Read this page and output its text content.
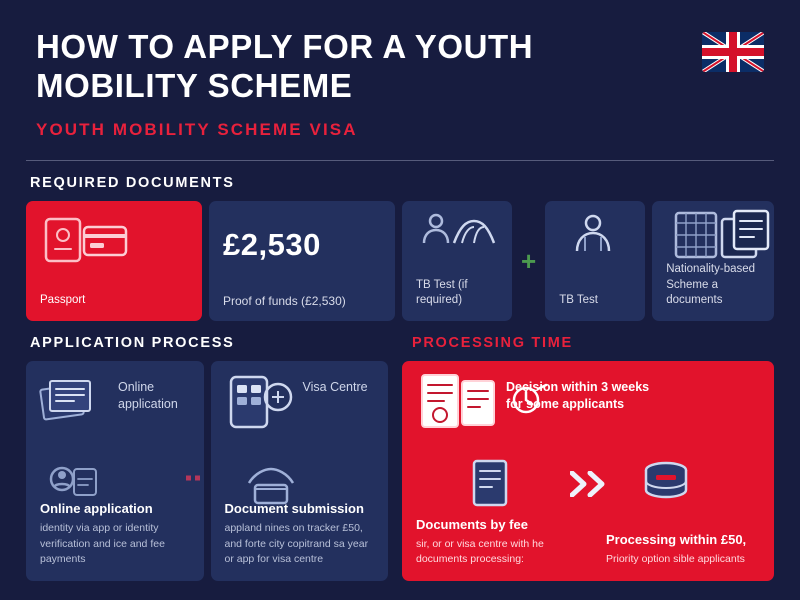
HOW TO APPLY FOR A YOUTH MOBILITY SCHEME
YOUTH MOBILITY SCHEME VISA
REQUIRED DOCUMENTS
Passport
£2,530
Proof of funds (£2,530)
TB Test (if required)
+
TB Test
Nationality-based Scheme a documents
APPLICATION PROCESS	PROCESSING TIME
Online application
Online application
identity via app or identity verification and ice and fee payments
Visa Centre
Document submission
appland nines on tracker £50, and forte city copitrand sa year or app for visa centre
Decision within 3 weeks for some applicants
Documents by fee
sir, or or visa centre with he documents processing:
Processing within £50,
Priority option sible applicants
